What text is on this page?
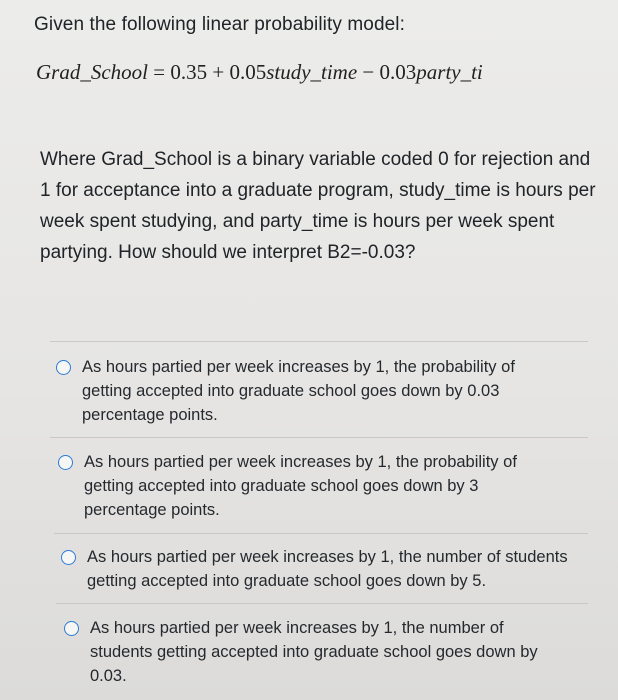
Given the following linear probability model:
Grad_School = 0.35 + 0.05study_time − 0.03party_ti
Where Grad_School is a binary variable coded 0 for rejection and 1 for acceptance into a graduate program, study_time is hours per week spent studying, and party_time is hours per week spent partying. How should we interpret B2=-0.03?
As hours partied per week increases by 1, the probability of getting accepted into graduate school goes down by 0.03 percentage points.
As hours partied per week increases by 1, the probability of getting accepted into graduate school goes down by 3 percentage points.
As hours partied per week increases by 1, the number of students getting accepted into graduate school goes down by 5.
As hours partied per week increases by 1, the number of students getting accepted into graduate school goes down by 0.03.
